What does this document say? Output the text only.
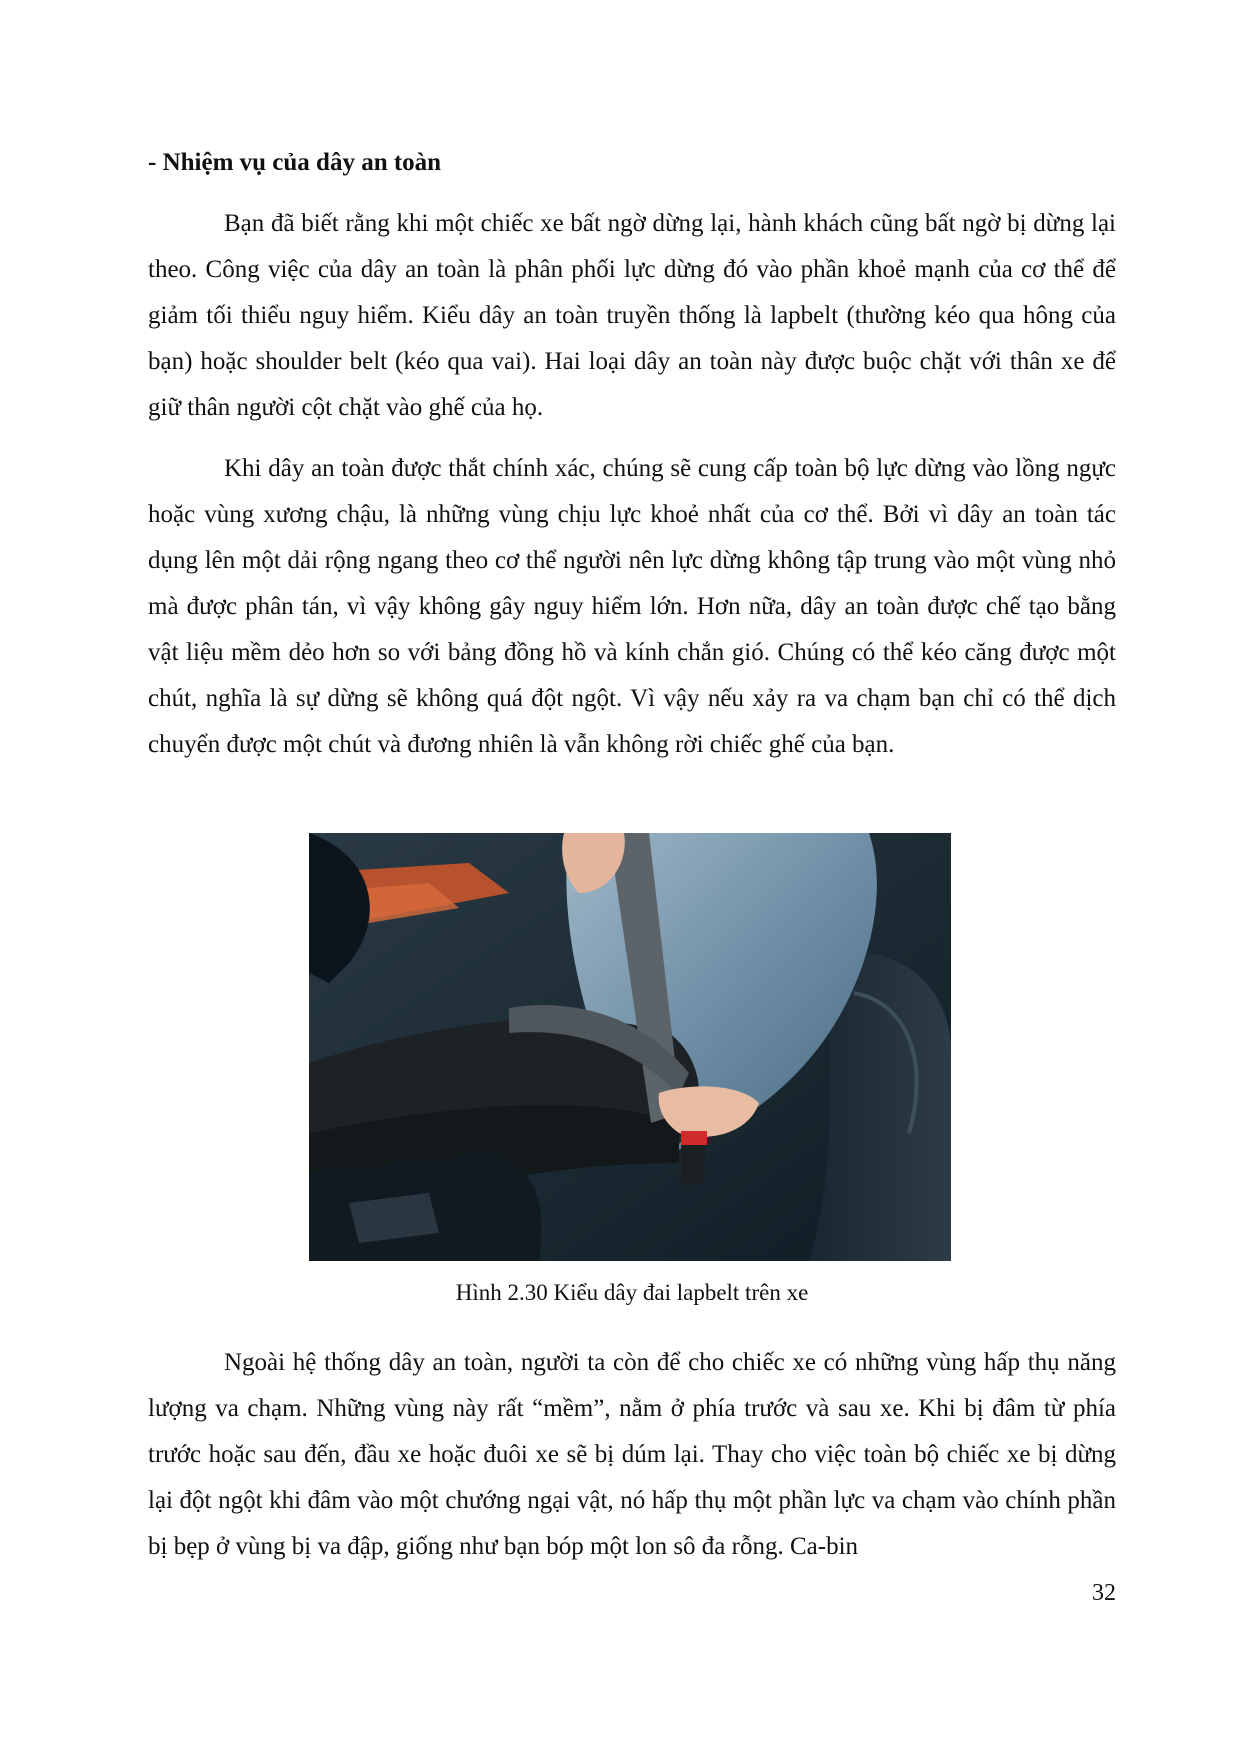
- Nhiệm vụ của dây an toàn

Bạn đã biết rằng khi một chiếc xe bất ngờ dừng lại, hành khách cũng bất ngờ bị dừng lại theo. Công việc của dây an toàn là phân phối lực dừng đó vào phần khoẻ mạnh của cơ thể để giảm tối thiểu nguy hiểm. Kiểu dây an toàn truyền thống là lapbelt (thường kéo qua hông của bạn) hoặc shoulder belt (kéo qua vai). Hai loại dây an toàn này được buộc chặt với thân xe để giữ thân người cột chặt vào ghế của họ.

Khi dây an toàn được thắt chính xác, chúng sẽ cung cấp toàn bộ lực dừng vào lồng ngực hoặc vùng xương chậu, là những vùng chịu lực khoẻ nhất của cơ thể. Bởi vì dây an toàn tác dụng lên một dải rộng ngang theo cơ thể người nên lực dừng không tập trung vào một vùng nhỏ mà được phân tán, vì vậy không gây nguy hiểm lớn. Hơn nữa, dây an toàn được chế tạo bằng vật liệu mềm dẻo hơn so với bảng đồng hồ và kính chắn gió. Chúng có thể kéo căng được một chút, nghĩa là sự dừng sẽ không quá đột ngột. Vì vậy nếu xảy ra va chạm bạn chỉ có thể dịch chuyển được một chút và đương nhiên là vẫn không rời chiếc ghế của bạn.

Hình 2.30 Kiểu dây đai lapbelt trên xe

Ngoài hệ thống dây an toàn, người ta còn để cho chiếc xe có những vùng hấp thụ năng lượng va chạm. Những vùng này rất “mềm”, nằm ở phía trước và sau xe. Khi bị đâm từ phía trước hoặc sau đến, đầu xe hoặc đuôi xe sẽ bị dúm lại. Thay cho việc toàn bộ chiếc xe bị dừng lại đột ngột khi đâm vào một chướng ngại vật, nó hấp thụ một phần lực va chạm vào chính phần bị bẹp ở vùng bị va đập, giống như bạn bóp một lon sô đa rỗng. Ca-bin

32
